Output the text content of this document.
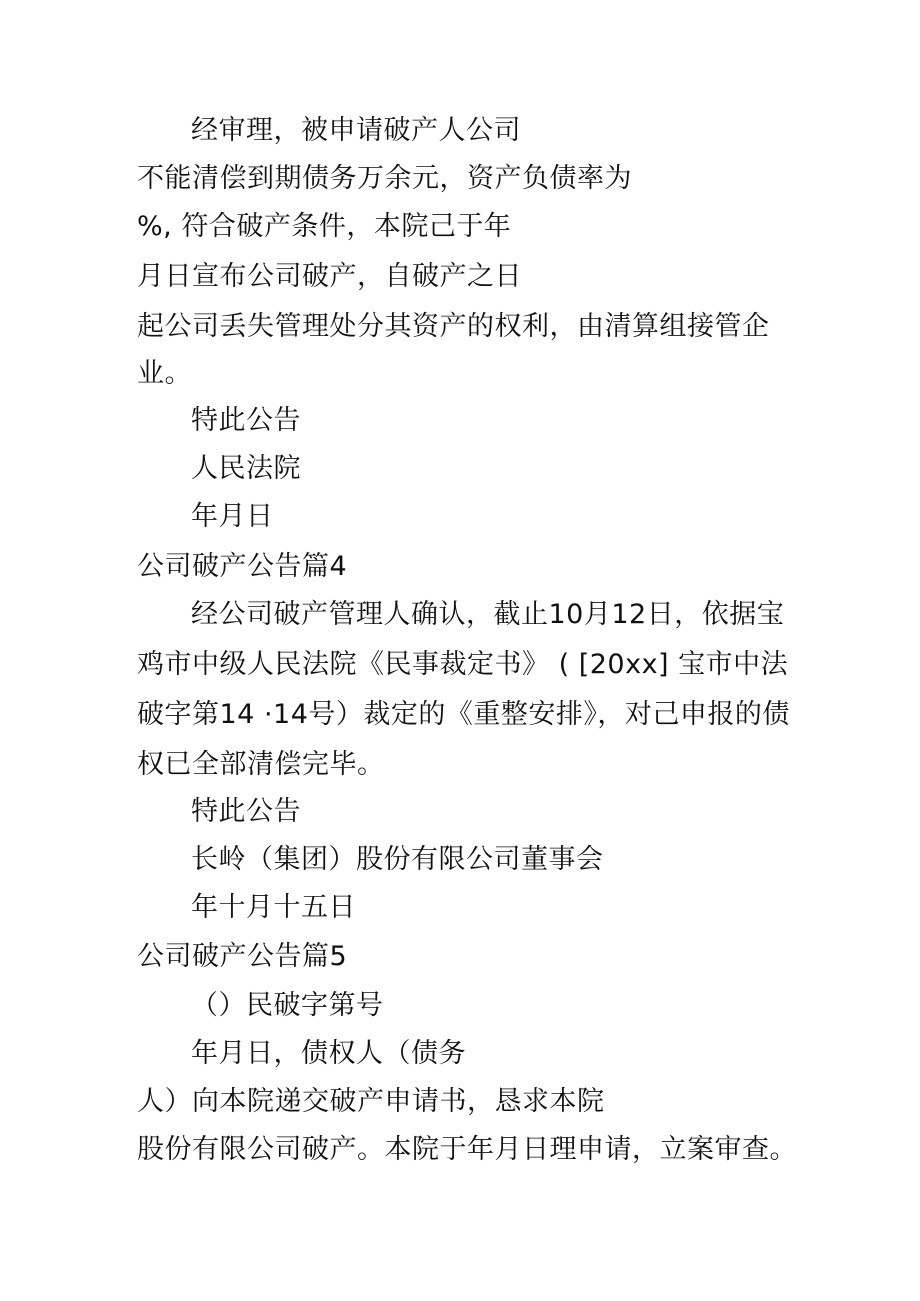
经审理，被申请破产人公司
不能清偿到期债务万余元，资产负债率为
%, 符合破产条件，本院己于年
月日宣布公司破产，自破产之日
起公司丢失管理处分其资产的权利，由清算组接管企
业。
特此公告
人民法院
年月日
公司破产公告篇4
经公司破产管理人确认，截止10月12日，依据宝
鸡市中级人民法院《民事裁定书》 ( [20xx] 宝市中法
破字第14 ·14号）裁定的《重整安排》，对己申报的债
权已全部清偿完毕。
特此公告
长岭（集团）股份有限公司董事会
年十月十五日
公司破产公告篇5
（）民破字第号
年月日，债权人（债务
人）向本院递交破产申请书，恳求本院
股份有限公司破产。本院于年月日理申请，立案审查。
